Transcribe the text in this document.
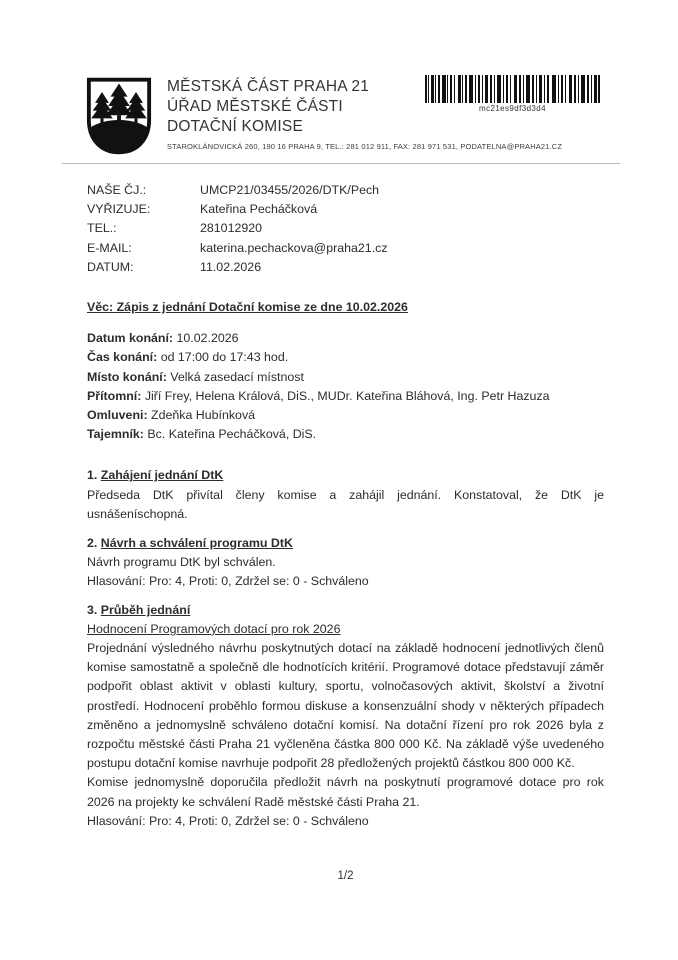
MĚSTSKÁ ČÁST PRAHA 21
ÚŘAD MĚSTSKÉ ČÁSTI
DOTAČNÍ KOMISE
STAROKLÁNOVICKÁ 260, 190 16 PRAHA 9, TEL.: 281 012 911, FAX: 281 971 531, PODATELNA@PRAHA21.CZ
mc21es9df3d3d4
NAŠE ČJ.:	UMCP21/03455/2026/DTK/Pech
VYŘIZUJE:	Kateřina Pecháčková
TEL.:	281012920
E-MAIL:	katerina.pechackova@praha21.cz
DATUM:	11.02.2026
Věc: Zápis z jednání Dotační komise ze dne 10.02.2026
Datum konání: 10.02.2026
Čas konání: od 17:00 do 17:43 hod.
Místo konání: Velká zasedací místnost
Přítomní: Jiří Frey, Helena Králová, DiS., MUDr. Kateřina Bláhová, Ing. Petr Hazuza
Omluveni: Zdeňka Hubínková
Tajemník: Bc. Kateřina Pecháčková, DiS.
1. Zahájení jednání DtK
Předseda DtK přivítal členy komise a zahájil jednání. Konstatoval, že DtK je usnášeníschopná.
2. Návrh a schválení programu DtK
Návrh programu DtK byl schválen.
Hlasování: Pro: 4, Proti: 0, Zdržel se: 0 - Schváleno
3. Průběh jednání
Hodnocení Programových dotací pro rok 2026
Projednání výsledného návrhu poskytnutých dotací na základě hodnocení jednotlivých členů komise samostatně a společně dle hodnotících kritérií. Programové dotace představují záměr podpořit oblast aktivit v oblasti kultury, sportu, volnočasových aktivit, školství a životní prostředí. Hodnocení proběhlo formou diskuse a konsenzuální shody v některých případech změněno a jednomyslně schváleno dotační komisí. Na dotační řízení pro rok 2026 byla z rozpočtu městské části Praha 21 vyčleněna částka 800 000 Kč. Na základě výše uvedeného postupu dotační komise navrhuje podpořit 28 předložených projektů částkou 800 000 Kč.
Komise jednomyslně doporučila předložit návrh na poskytnutí programové dotace pro rok 2026 na projekty ke schválení Radě městské části Praha 21.
Hlasování: Pro: 4, Proti: 0, Zdržel se: 0 - Schváleno
1/2
